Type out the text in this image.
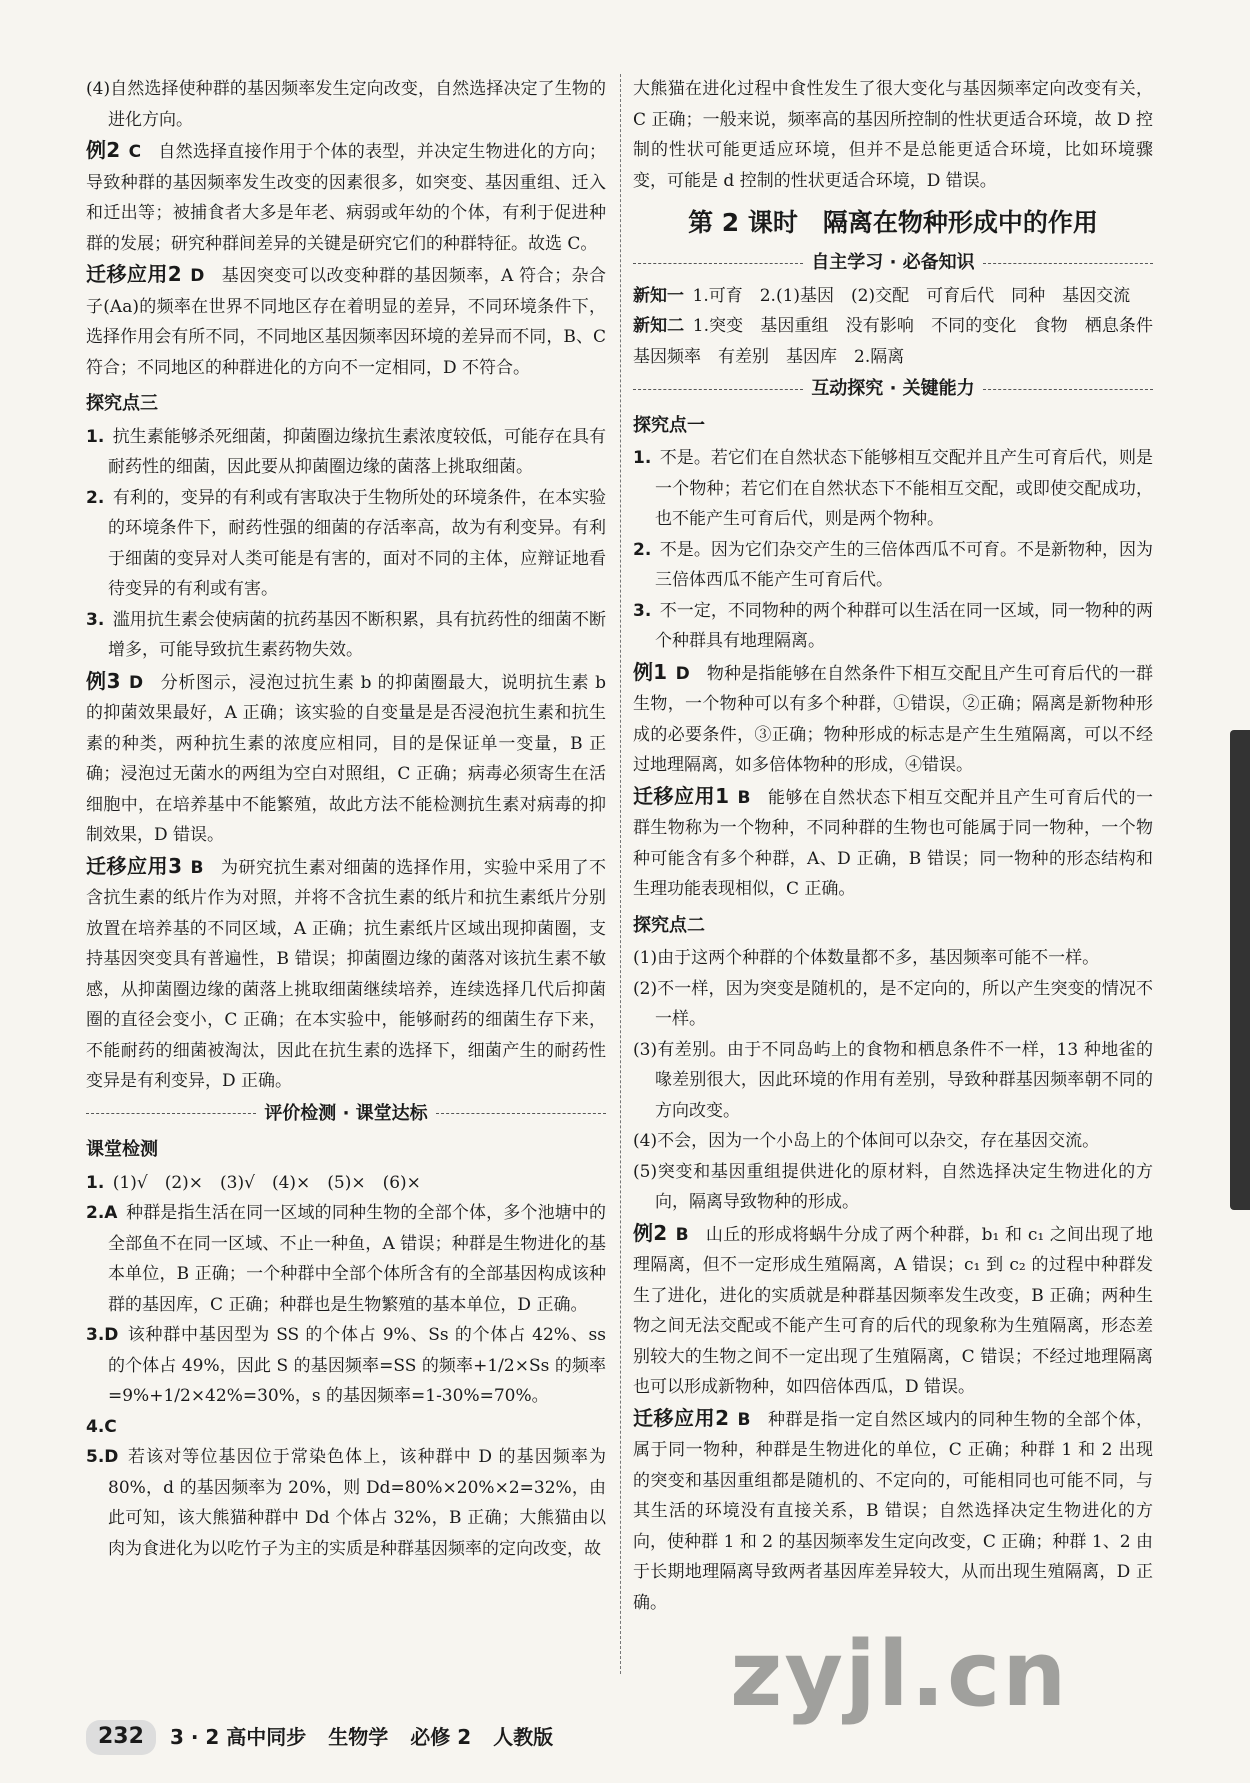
(4)自然选择使种群的基因频率发生定向改变，自然选择决定了生物的进化方向。

例2  C  自然选择直接作用于个体的表型，并决定生物进化的方向；导致种群的基因频率发生改变的因素很多，如突变、基因重组、迁入和迁出等；被捕食者大多是年老、病弱或年幼的个体，有利于促进种群的发展；研究种群间差异的关键是研究它们的种群特征。故选 C。

迁移应用2  D  基因突变可以改变种群的基因频率，A 符合；杂合子(Aa)的频率在世界不同地区存在着明显的差异，不同环境条件下，选择作用会有所不同，不同地区基因频率因环境的差异而不同，B、C 符合；不同地区的种群进化的方向不一定相同，D 不符合。

探究点三

1.  抗生素能够杀死细菌，抑菌圈边缘抗生素浓度较低，可能存在具有耐药性的细菌，因此要从抑菌圈边缘的菌落上挑取细菌。

2.  有利的，变异的有利或有害取决于生物所处的环境条件，在本实验的环境条件下，耐药性强的细菌的存活率高，故为有利变异。有利于细菌的变异对人类可能是有害的，面对不同的主体，应辩证地看待变异的有利或有害。

3.  滥用抗生素会使病菌的抗药基因不断积累，具有抗药性的细菌不断增多，可能导致抗生素药物失效。

例3  D  分析图示，浸泡过抗生素 b 的抑菌圈最大，说明抗生素 b 的抑菌效果最好，A 正确；该实验的自变量是是否浸泡抗生素和抗生素的种类，两种抗生素的浓度应相同，目的是保证单一变量，B 正确；浸泡过无菌水的两组为空白对照组，C 正确；病毒必须寄生在活细胞中，在培养基中不能繁殖，故此方法不能检测抗生素对病毒的抑制效果，D 错误。

迁移应用3  B  为研究抗生素对细菌的选择作用，实验中采用了不含抗生素的纸片作为对照，并将不含抗生素的纸片和抗生素纸片分别放置在培养基的不同区域，A 正确；抗生素纸片区域出现抑菌圈，支持基因突变具有普遍性，B 错误；抑菌圈边缘的菌落对该抗生素不敏感，从抑菌圈边缘的菌落上挑取细菌继续培养，连续选择几代后抑菌圈的直径会变小，C 正确；在本实验中，能够耐药的细菌生存下来，不能耐药的细菌被淘汰，因此在抗生素的选择下，细菌产生的耐药性变异是有利变异，D 正确。

评价检测 · 课堂达标

课堂检测

1.  (1)√　(2)×　(3)√　(4)×　(5)×　(6)×

2.A  种群是指生活在同一区域的同种生物的全部个体，多个池塘中的全部鱼不在同一区域、不止一种鱼，A 错误；种群是生物进化的基本单位，B 正确；一个种群中全部个体所含有的全部基因构成该种群的基因库，C 正确；种群也是生物繁殖的基本单位，D 正确。

3.D  该种群中基因型为 SS 的个体占 9%、Ss 的个体占 42%、ss 的个体占 49%，因此 S 的基因频率=SS 的频率+1/2×Ss 的频率=9%+1/2×42%=30%，s 的基因频率=1-30%=70%。

4.C 

5.D  若该对等位基因位于常染色体上，该种群中 D 的基因频率为 80%，d 的基因频率为 20%，则 Dd=80%×20%×2=32%，由此可知，该大熊猫种群中 Dd 个体占 32%，B 正确；大熊猫由以肉为食进化为以吃竹子为主的实质是种群基因频率的定向改变，故

大熊猫在进化过程中食性发生了很大变化与基因频率定向改变有关，C 正确；一般来说，频率高的基因所控制的性状更适合环境，故 D 控制的性状可能更适应环境，但并不是总能更适合环境，比如环境骤变，可能是 d 控制的性状更适合环境，D 错误。

第 2 课时　隔离在物种形成中的作用
自主学习 · 必备知识

新知一  1.可育　2.(1)基因　(2)交配　可育后代　同种　基因交流

新知二  1.突变　基因重组　没有影响　不同的变化　食物　栖息条件　基因频率　有差别　基因库　2.隔离

互动探究 · 关键能力

探究点一

1.  不是。若它们在自然状态下能够相互交配并且产生可育后代，则是一个物种；若它们在自然状态下不能相互交配，或即使交配成功，也不能产生可育后代，则是两个物种。

2.  不是。因为它们杂交产生的三倍体西瓜不可育。不是新物种，因为三倍体西瓜不能产生可育后代。

3.  不一定，不同物种的两个种群可以生活在同一区域，同一物种的两个种群具有地理隔离。

例1  D  物种是指能够在自然条件下相互交配且产生可育后代的一群生物，一个物种可以有多个种群，①错误，②正确；隔离是新物种形成的必要条件，③正确；物种形成的标志是产生生殖隔离，可以不经过地理隔离，如多倍体物种的形成，④错误。

迁移应用1  B  能够在自然状态下相互交配并且产生可育后代的一群生物称为一个物种，不同种群的生物也可能属于同一物种，一个物种可能含有多个种群，A、D 正确，B 错误；同一物种的形态结构和生理功能表现相似，C 正确。

探究点二

(1)由于这两个种群的个体数量都不多，基因频率可能不一样。

(2)不一样，因为突变是随机的，是不定向的，所以产生突变的情况不一样。

(3)有差别。由于不同岛屿上的食物和栖息条件不一样，13 种地雀的喙差别很大，因此环境的作用有差别，导致种群基因频率朝不同的方向改变。

(4)不会，因为一个小岛上的个体间可以杂交，存在基因交流。

(5)突变和基因重组提供进化的原材料，自然选择决定生物进化的方向，隔离导致物种的形成。

例2  B  山丘的形成将蜗牛分成了两个种群，b₁ 和 c₁ 之间出现了地理隔离，但不一定形成生殖隔离，A 错误；c₁ 到 c₂ 的过程中种群发生了进化，进化的实质就是种群基因频率发生改变，B 正确；两种生物之间无法交配或不能产生可育的后代的现象称为生殖隔离，形态差别较大的生物之间不一定出现了生殖隔离，C 错误；不经过地理隔离也可以形成新物种，如四倍体西瓜，D 错误。

迁移应用2  B  种群是指一定自然区域内的同种生物的全部个体，属于同一物种，种群是生物进化的单位，C 正确；种群 1 和 2 出现的突变和基因重组都是随机的、不定向的，可能相同也可能不同，与其生活的环境没有直接关系，B 错误；自然选择决定生物进化的方向，使种群 1 和 2 的基因频率发生定向改变，C 正确；种群 1、2 由于长期地理隔离导致两者基因库差异较大，从而出现生殖隔离，D 正确。

232	3 · 2 高中同步 生物学 必修 2 人教版
zyjl.cn
